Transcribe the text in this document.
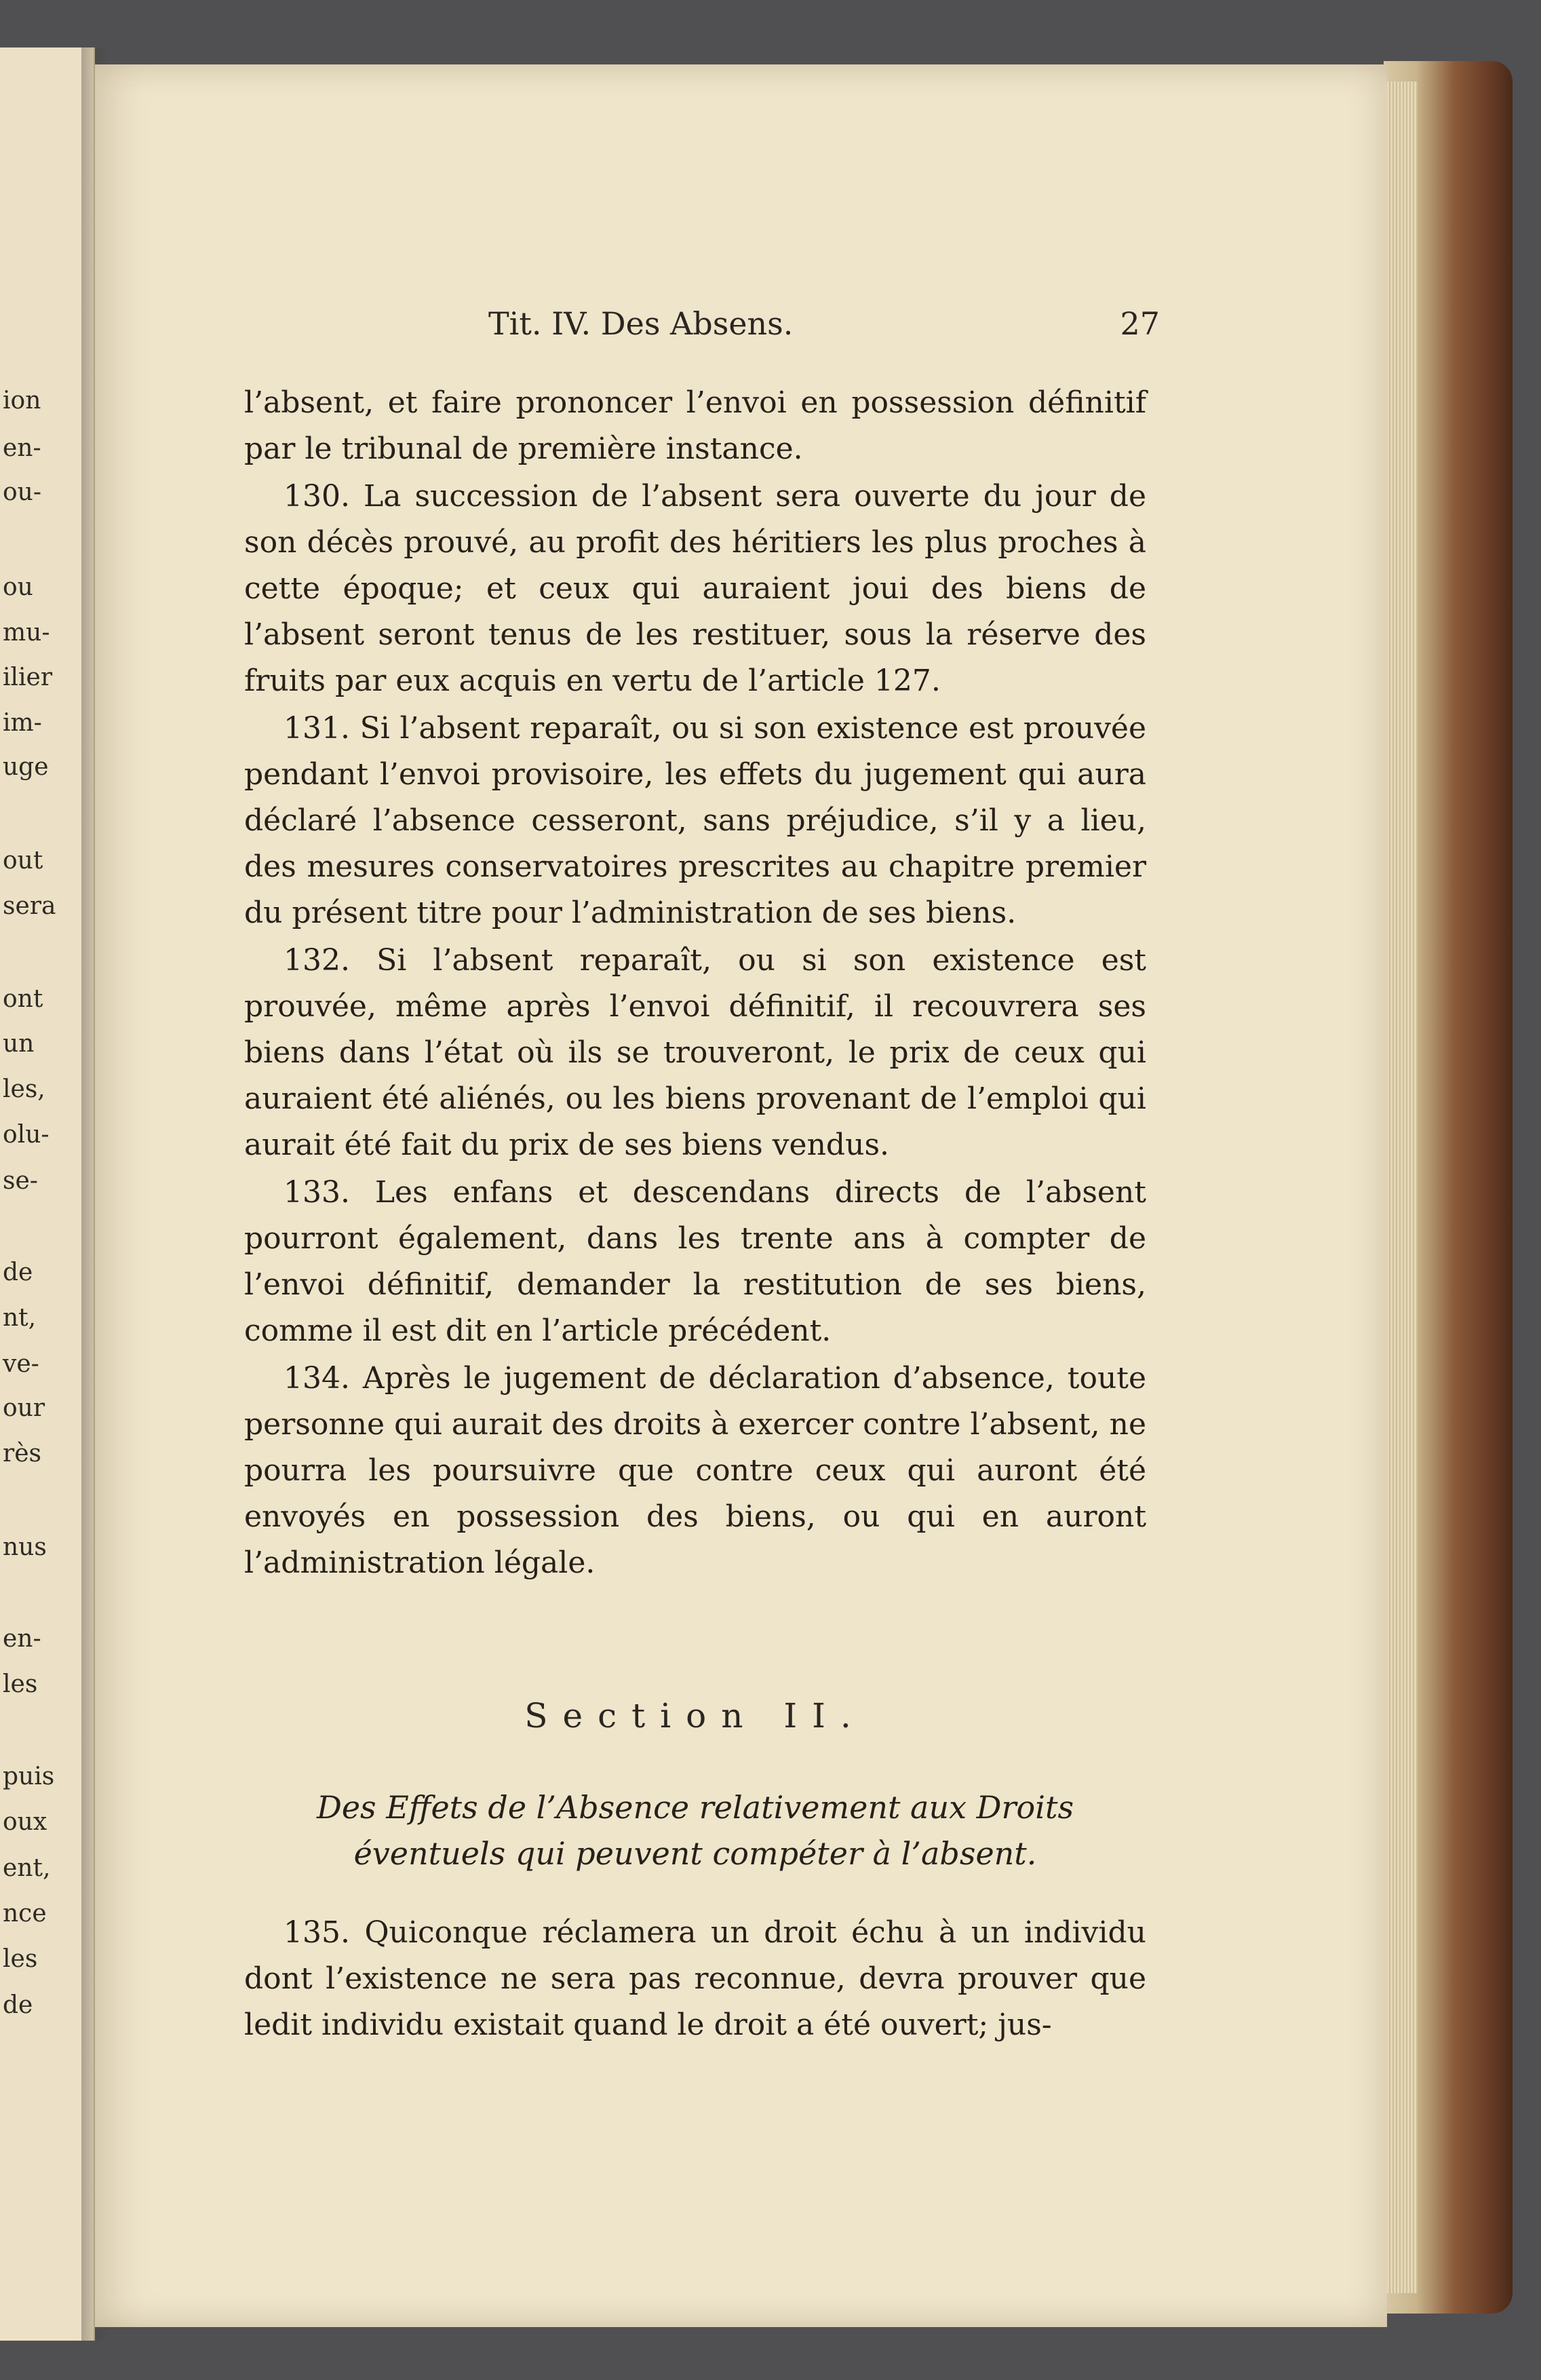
ion
en-
ou-
ou
mu-
ilier
im-
uge
out
sera
ont
un
les,
olu-
se-
de
nt,
ve-
our
rès
nus
en-
les
puis
oux
ent,
nce
les
de
Tit. IV. Des Absens.	27

l’absent, et faire prononcer l’envoi en possession définitif par le tribunal de première instance.

130. La succession de l’absent sera ouverte du jour de son décès prouvé, au profit des héritiers les plus proches à cette époque; et ceux qui auraient joui des biens de l’absent seront tenus de les restituer, sous la réserve des fruits par eux acquis en vertu de l’article 127.

131. Si l’absent reparaît, ou si son existence est prouvée pendant l’envoi provisoire, les effets du jugement qui aura déclaré l’absence cesseront, sans préjudice, s’il y a lieu, des mesures conservatoires prescrites au chapitre premier du présent titre pour l’administration de ses biens.

132. Si l’absent reparaît, ou si son existence est prouvée, même après l’envoi définitif, il recouvrera ses biens dans l’état où ils se trouveront, le prix de ceux qui auraient été aliénés, ou les biens provenant de l’emploi qui aurait été fait du prix de ses biens vendus.

133. Les enfans et descendans directs de l’absent pourront également, dans les trente ans à compter de l’envoi définitif, demander la restitution de ses biens, comme il est dit en l’article précédent.

134. Après le jugement de déclaration d’absence, toute personne qui aurait des droits à exercer contre l’absent, ne pourra les poursuivre que contre ceux qui auront été envoyés en possession des biens, ou qui en auront l’administration légale.

Section II.
Des Effets de l’Absence relativement aux Droits
éventuels qui peuvent compéter à l’absent.

135. Quiconque réclamera un droit échu à un individu dont l’existence ne sera pas reconnue, devra prouver que ledit individu existait quand le droit a été ouvert; jus-
